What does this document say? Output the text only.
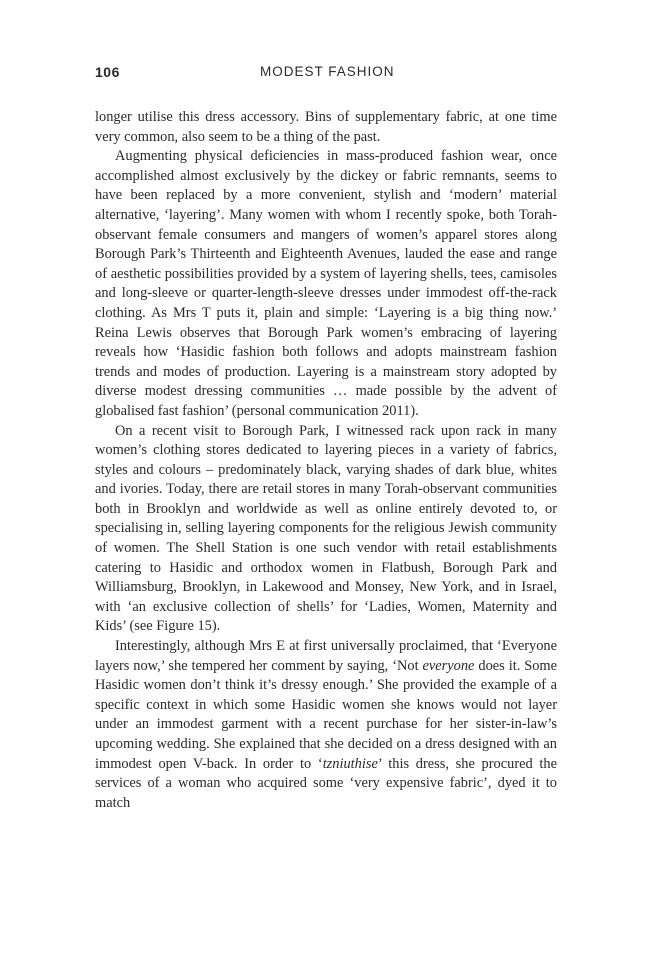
106	MODEST FASHION

longer utilise this dress accessory. Bins of supplementary fabric, at one time very common, also seem to be a thing of the past.

Augmenting physical deficiencies in mass-produced fashion wear, once accomplished almost exclusively by the dickey or fabric remnants, seems to have been replaced by a more convenient, stylish and ‘modern’ material alternative, ‘layering’. Many women with whom I recently spoke, both Torah-observant female consumers and mangers of women’s apparel stores along Borough Park’s Thirteenth and Eighteenth Avenues, lauded the ease and range of aesthetic possibilities provided by a system of layering shells, tees, camisoles and long-sleeve or quarter-length-sleeve dresses under immodest off-the-rack clothing. As Mrs T puts it, plain and simple: ‘Layering is a big thing now.’ Reina Lewis observes that Borough Park women’s embracing of layering reveals how ‘Hasidic fashion both follows and adopts mainstream fashion trends and modes of production. Layering is a mainstream story adopted by diverse modest dressing communities … made possible by the advent of globalised fast fashion’ (personal communication 2011).

On a recent visit to Borough Park, I witnessed rack upon rack in many women’s clothing stores dedicated to layering pieces in a variety of fabrics, styles and colours – predominately black, varying shades of dark blue, whites and ivories. Today, there are retail stores in many Torah-observant communities both in Brooklyn and worldwide as well as online entirely devoted to, or specialising in, selling layering components for the religious Jewish community of women. The Shell Station is one such vendor with retail establishments catering to Hasidic and orthodox women in Flatbush, Borough Park and Williamsburg, Brooklyn, in Lakewood and Monsey, New York, and in Israel, with ‘an exclusive collection of shells’ for ‘Ladies, Women, Maternity and Kids’ (see Figure 15).

Interestingly, although Mrs E at first universally proclaimed, that ‘Everyone layers now,’ she tempered her comment by saying, ‘Not everyone does it. Some Hasidic women don’t think it’s dressy enough.’ She provided the example of a specific context in which some Hasidic women she knows would not layer under an immodest garment with a recent purchase for her sister-in-law’s upcoming wedding. She explained that she decided on a dress designed with an immodest open V-back. In order to ‘tzniuthise’ this dress, she procured the services of a woman who acquired some ‘very expensive fabric’, dyed it to match
